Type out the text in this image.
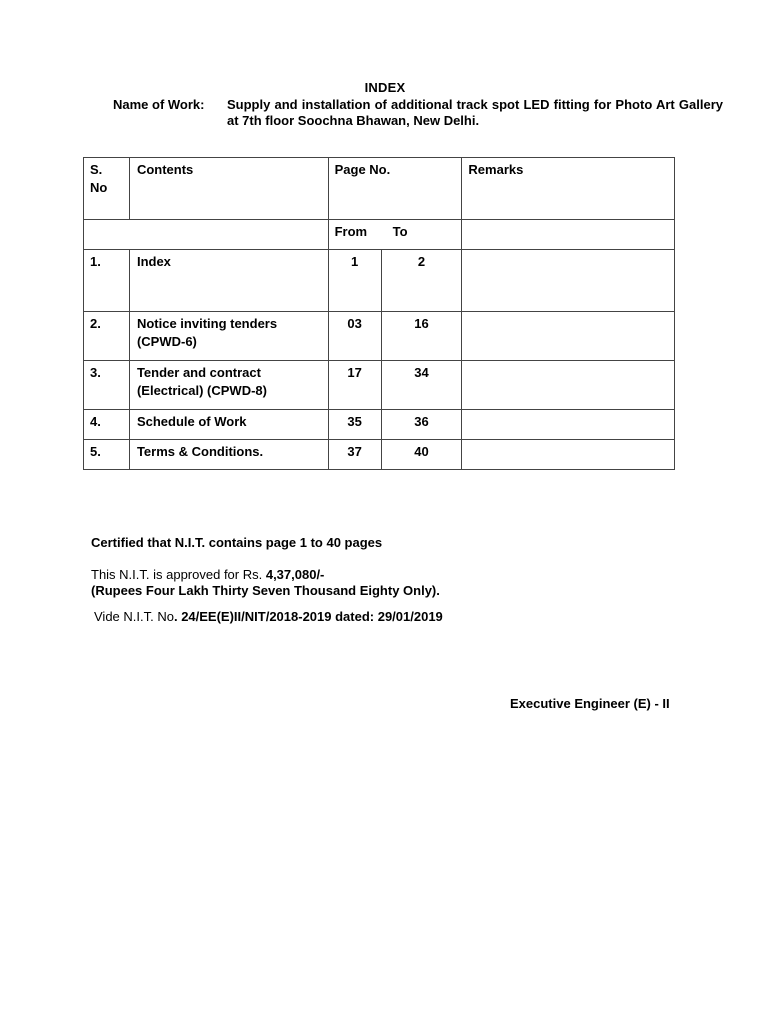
INDEX
Name of Work: Supply and installation of additional track spot LED fitting for Photo Art Gallery at 7th floor Soochna Bhawan, New Delhi.
S.
No	Contents	Page No.		Remarks
		From To		
1.	Index	1	2	
2.	Notice inviting tenders
(CPWD-6)	03	16	
3.	Tender and contract
(Electrical) (CPWD-8)	17	34	
4.	Schedule of Work	35	36	
5.	Terms & Conditions.	37	40	
Certified that N.I.T. contains page 1 to 40 pages
This N.I.T. is approved for Rs. 4,37,080/-
(Rupees Four Lakh Thirty Seven Thousand Eighty Only).
Vide N.I.T. No. 24/EE(E)II/NIT/2018-2019 dated: 29/01/2019
Executive Engineer (E) - II
